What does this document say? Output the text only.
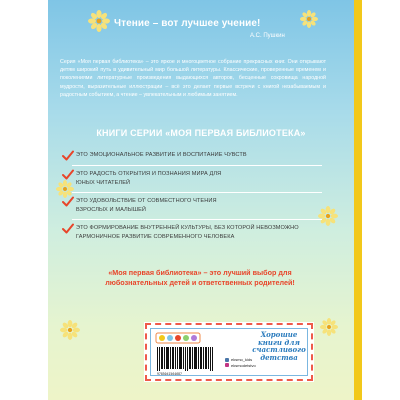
Чтение – вот лучшее учение!
А.С. Пушкин
Серия «Моя первая библиотека» – это яркое и многоцветное собрание прекрасных книг. Они открывают детям широкий путь в удивительный мир большой литературы. Классические, проверенные временем и поколениями литературные произведения выдающихся авторов, бесценные сокровища народной мудрости, выразительные иллюстрации – всё это делает первые встречи с книгой незабываемым и радостным событием, а чтение – увлекательным и любимым занятием.
КНИГИ СЕРИИ «МОЯ ПЕРВАЯ БИБЛИОТЕКА»
ЭТО ЭМОЦИОНАЛЬНОЕ РАЗВИТИЕ И ВОСПИТАНИЕ ЧУВСТВ
ЭТО РАДОСТЬ ОТКРЫТИЯ И ПОЗНАНИЯ МИРА ДЛЯ ЮНЫХ ЧИТАТЕЛЕЙ
ЭТО УДОВОЛЬСТВИЕ ОТ СОВМЕСТНОГО ЧТЕНИЯ ВЗРОСЛЫХ И МАЛЫШЕЙ
ЭТО ФОРМИРОВАНИЕ ВНУТРЕННЕЙ КУЛЬТУРЫ, БЕЗ КОТОРОЙ НЕВОЗМОЖНО ГАРМОНИЧНОЕ РАЗВИТИЕ СОВРЕМЕННОГО ЧЕЛОВЕКА
«Моя первая библиотека» – это лучший выбор для любознательных детей и ответственных родителей!
9785041564687
eksmo_kids
eksmodetstvo
Хорошие книги для счастливого детства
